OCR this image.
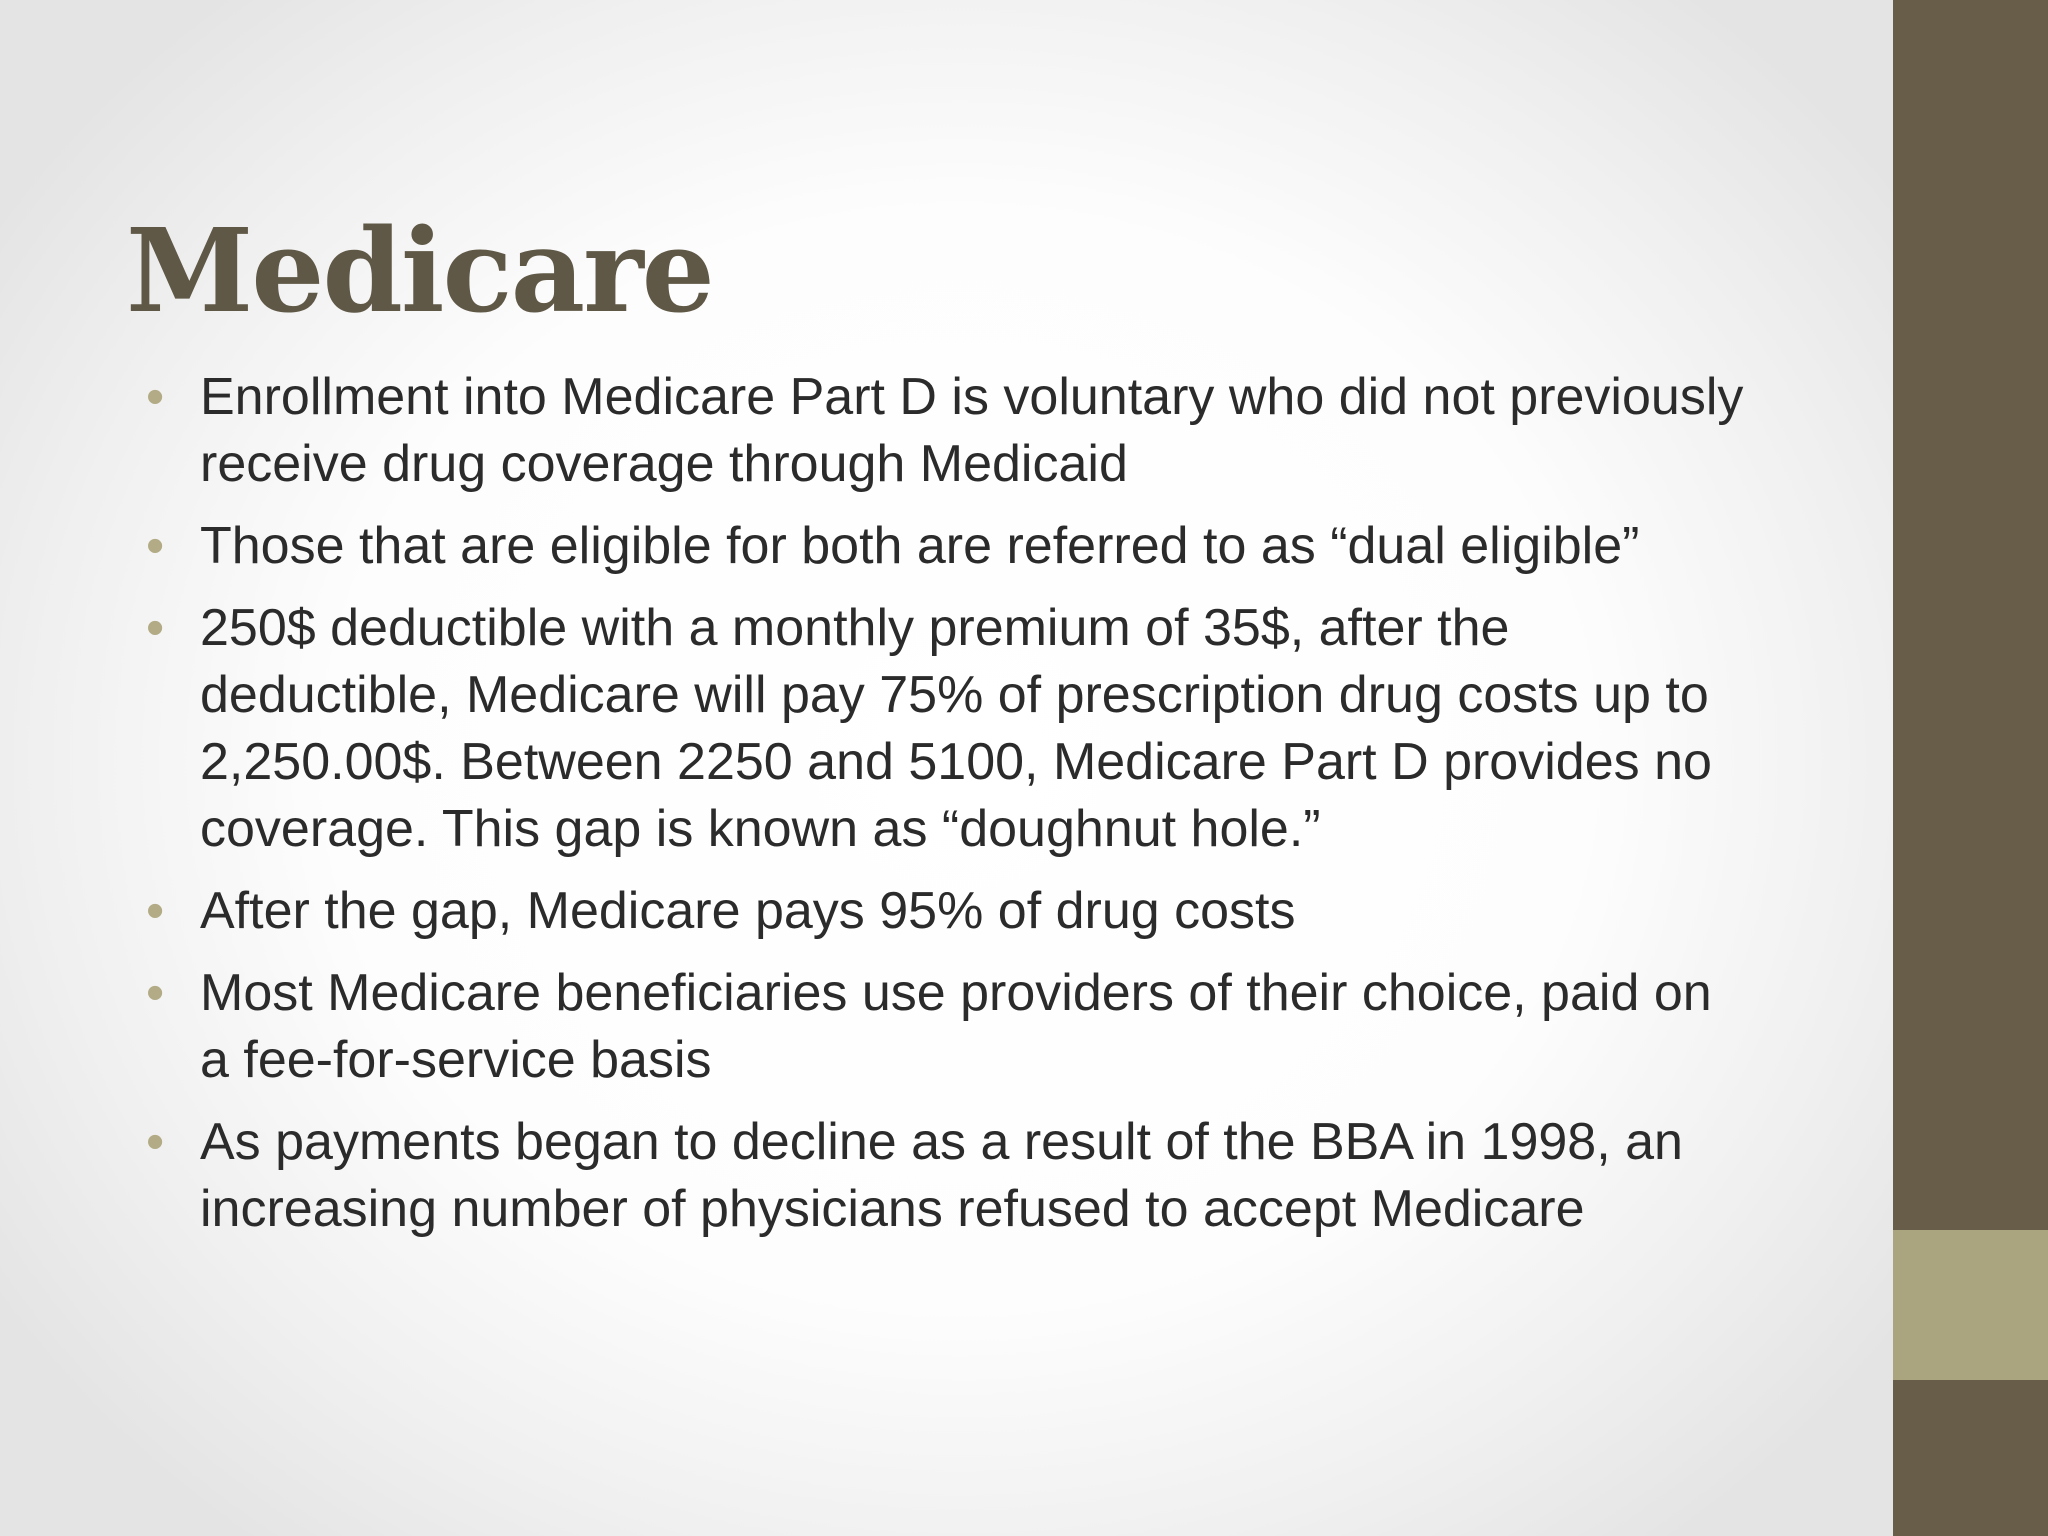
Medicare
• Enrollment into Medicare Part D is voluntary who did not previously receive drug coverage through Medicaid
• Those that are eligible for both are referred to as “dual eligible”
• 250$ deductible with a monthly premium of 35$, after the deductible, Medicare will pay 75% of prescription drug costs up to 2,250.00$. Between 2250 and 5100, Medicare Part D provides no coverage. This gap is known as “doughnut hole.”
• After the gap, Medicare pays 95% of drug costs
• Most Medicare beneficiaries use providers of their choice, paid on a fee-for-service basis
• As payments began to decline as a result of the BBA in 1998, an increasing number of physicians refused to accept Medicare
